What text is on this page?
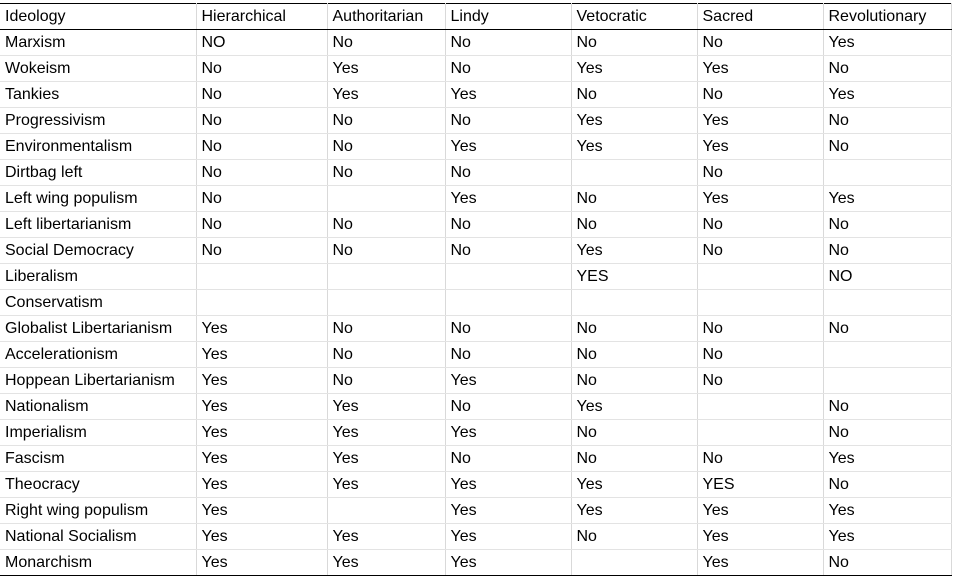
Ideology	Hierarchical	Authoritarian	Lindy	Vetocratic	Sacred	Revolutionary
Marxism	NO	No	No	No	No	Yes
Wokeism	No	Yes	No	Yes	Yes	No
Tankies	No	Yes	Yes	No	No	Yes
Progressivism	No	No	No	Yes	Yes	No
Environmentalism	No	No	Yes	Yes	Yes	No
Dirtbag left	No	No	No		No	
Left wing populism	No		Yes	No	Yes	Yes
Left libertarianism	No	No	No	No	No	No
Social Democracy	No	No	No	Yes	No	No
Liberalism				YES		NO
Conservatism						
Globalist Libertarianism	Yes	No	No	No	No	No
Accelerationism	Yes	No	No	No	No	
Hoppean Libertarianism	Yes	No	Yes	No	No	
Nationalism	Yes	Yes	No	Yes		No
Imperialism	Yes	Yes	Yes	No		No
Fascism	Yes	Yes	No	No	No	Yes
Theocracy	Yes	Yes	Yes	Yes	YES	No
Right wing populism	Yes		Yes	Yes	Yes	Yes
National Socialism	Yes	Yes	Yes	No	Yes	Yes
Monarchism	Yes	Yes	Yes		Yes	No
